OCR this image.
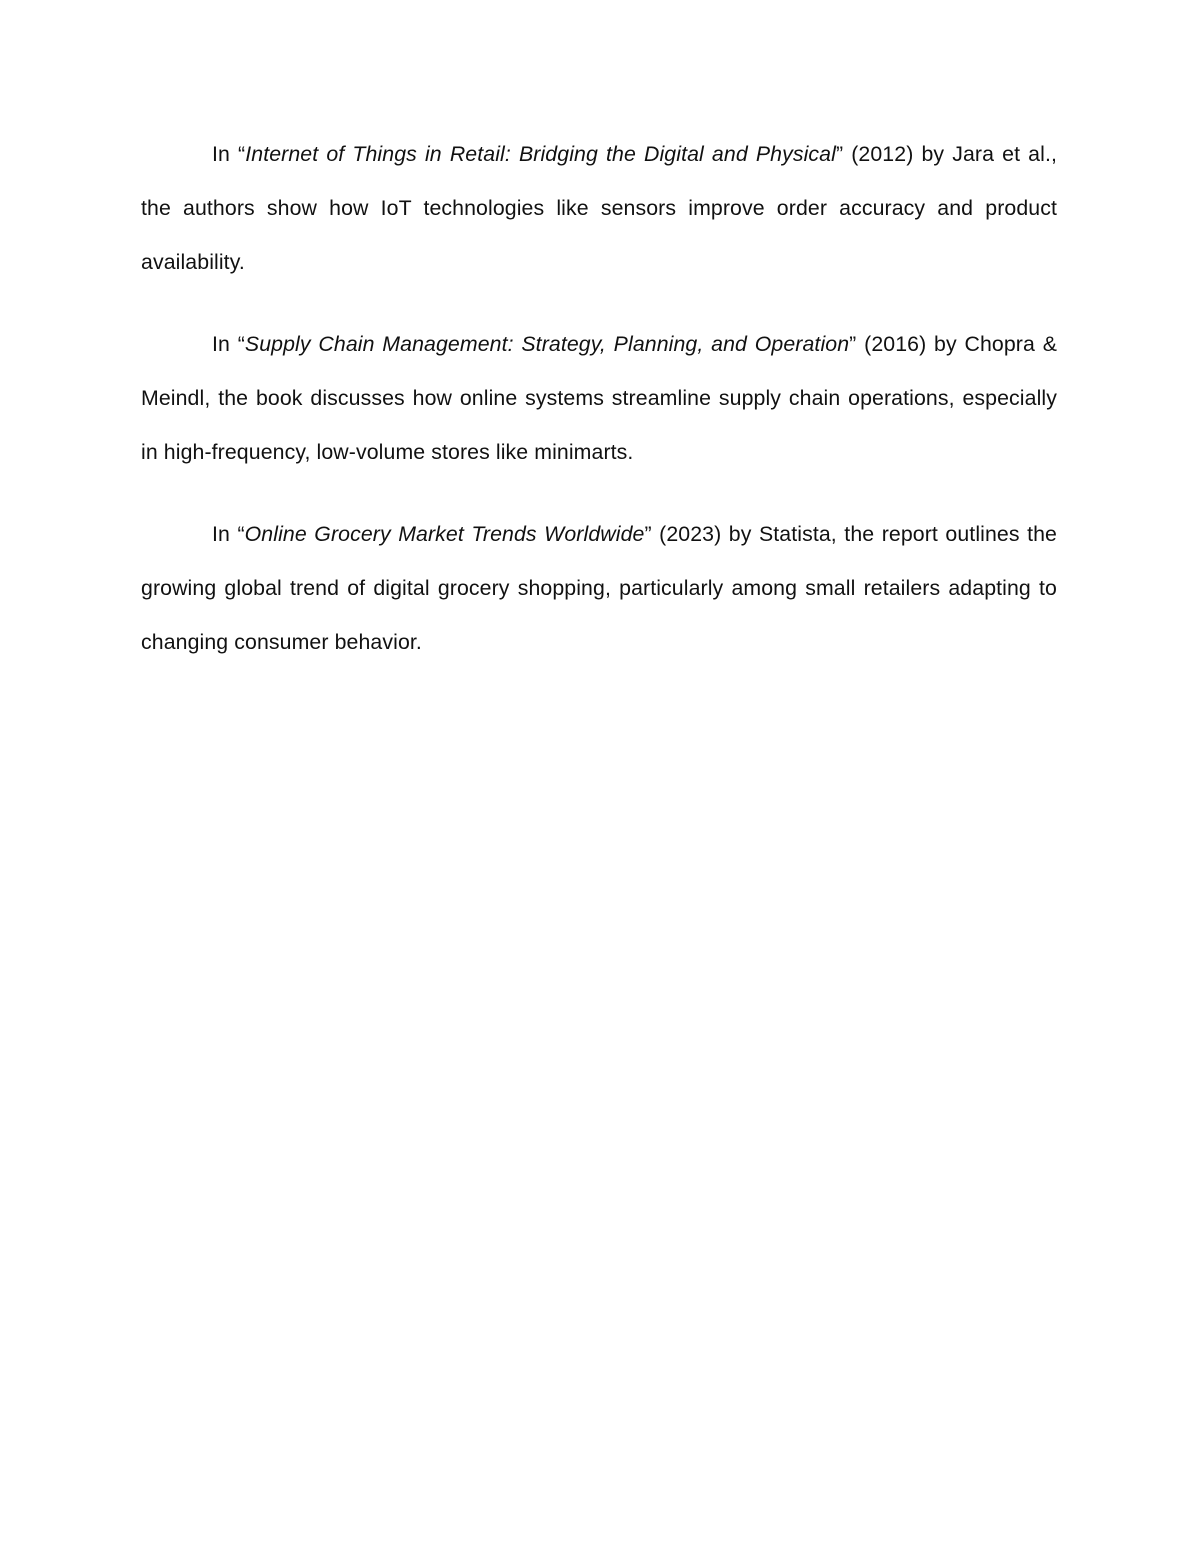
In “Internet of Things in Retail: Bridging the Digital and Physical” (2012) by Jara et al., the authors show how IoT technologies like sensors improve order accuracy and product availability.

In “Supply Chain Management: Strategy, Planning, and Operation” (2016) by Chopra & Meindl, the book discusses how online systems streamline supply chain operations, especially in high-frequency, low-volume stores like minimarts.

In “Online Grocery Market Trends Worldwide” (2023) by Statista, the report outlines the growing global trend of digital grocery shopping, particularly among small retailers adapting to changing consumer behavior.
